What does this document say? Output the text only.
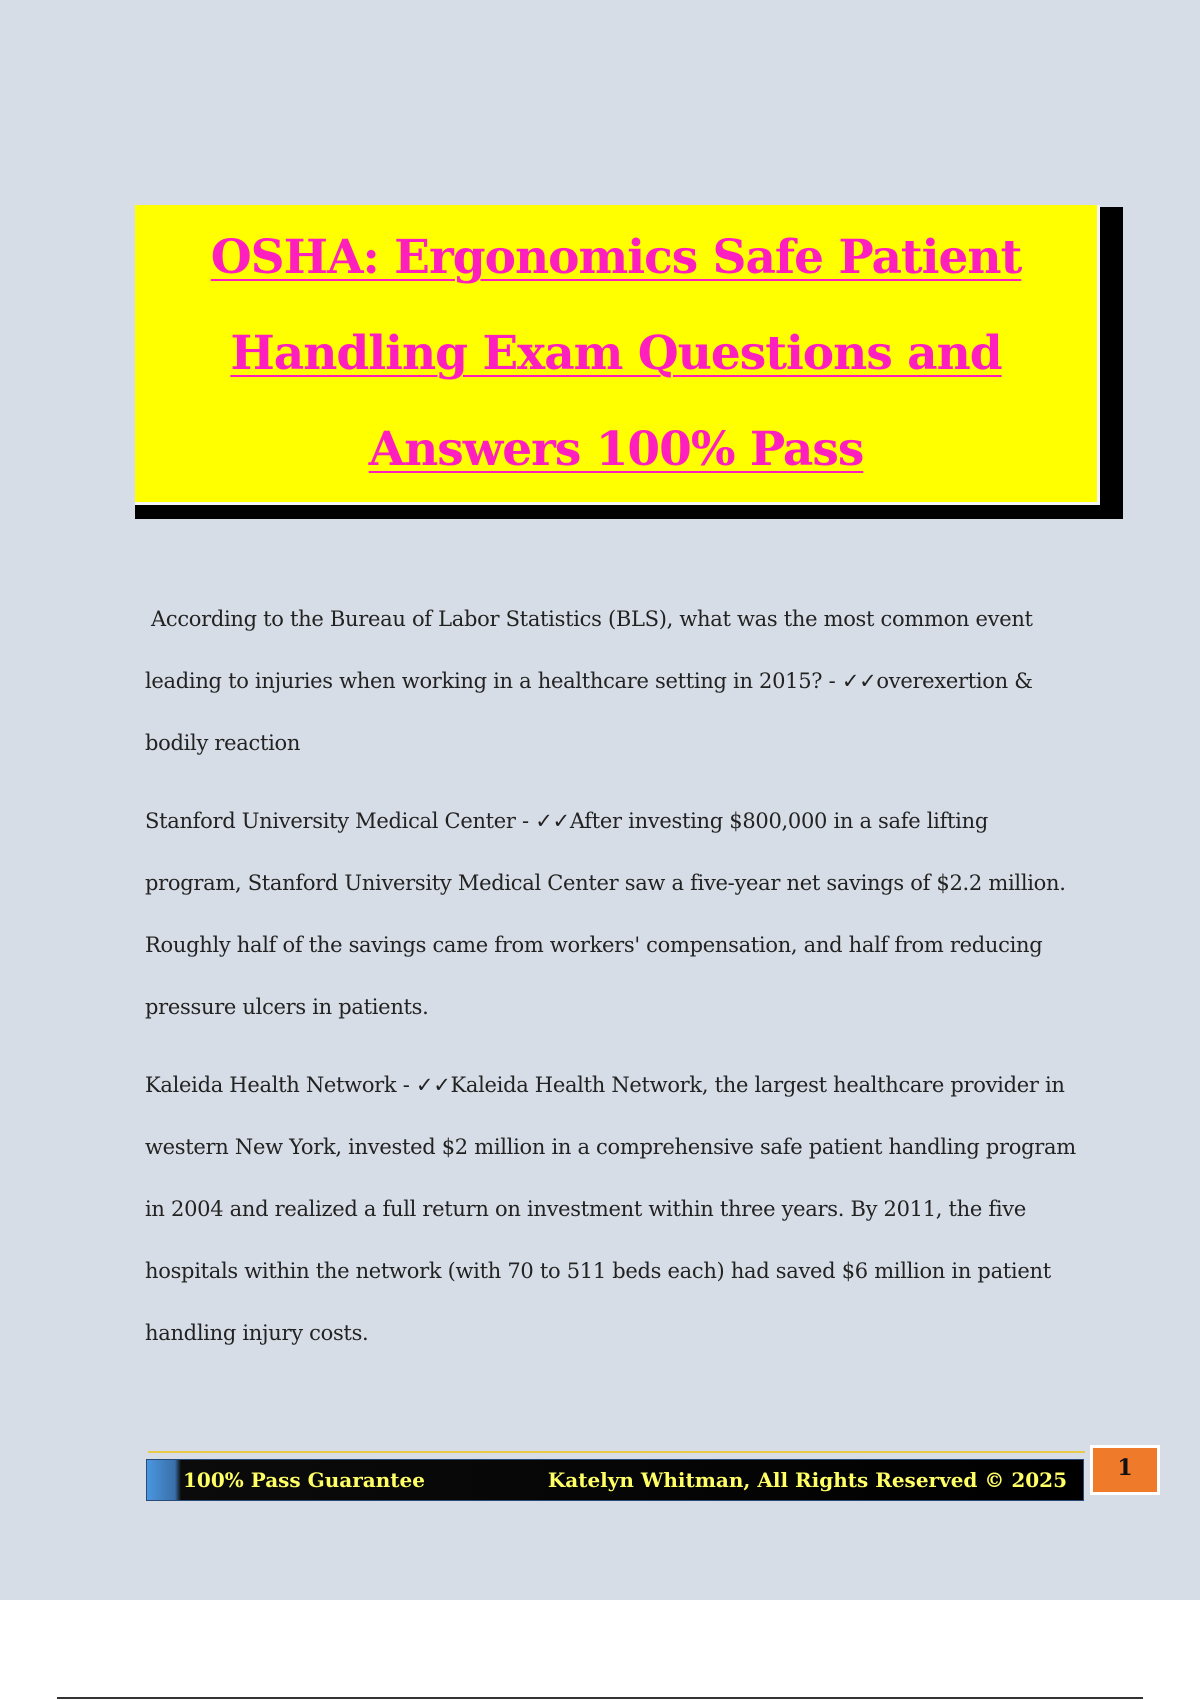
OSHA: Ergonomics Safe Patient
Handling Exam Questions and
Answers 100% Pass

According to the Bureau of Labor Statistics (BLS), what was the most common event leading to injuries when working in a healthcare setting in 2015? - ✓✓overexertion & bodily reaction

Stanford University Medical Center - ✓✓After investing $800,000 in a safe lifting program, Stanford University Medical Center saw a five-year net savings of $2.2 million. Roughly half of the savings came from workers' compensation, and half from reducing pressure ulcers in patients.

Kaleida Health Network - ✓✓Kaleida Health Network, the largest healthcare provider in western New York, invested $2 million in a comprehensive safe patient handling program in 2004 and realized a full return on investment within three years. By 2011, the five hospitals within the network (with 70 to 511 beds each) had saved $6 million in patient handling injury costs.

100% Pass Guarantee	Katelyn Whitman, All Rights Reserved © 2025	1
